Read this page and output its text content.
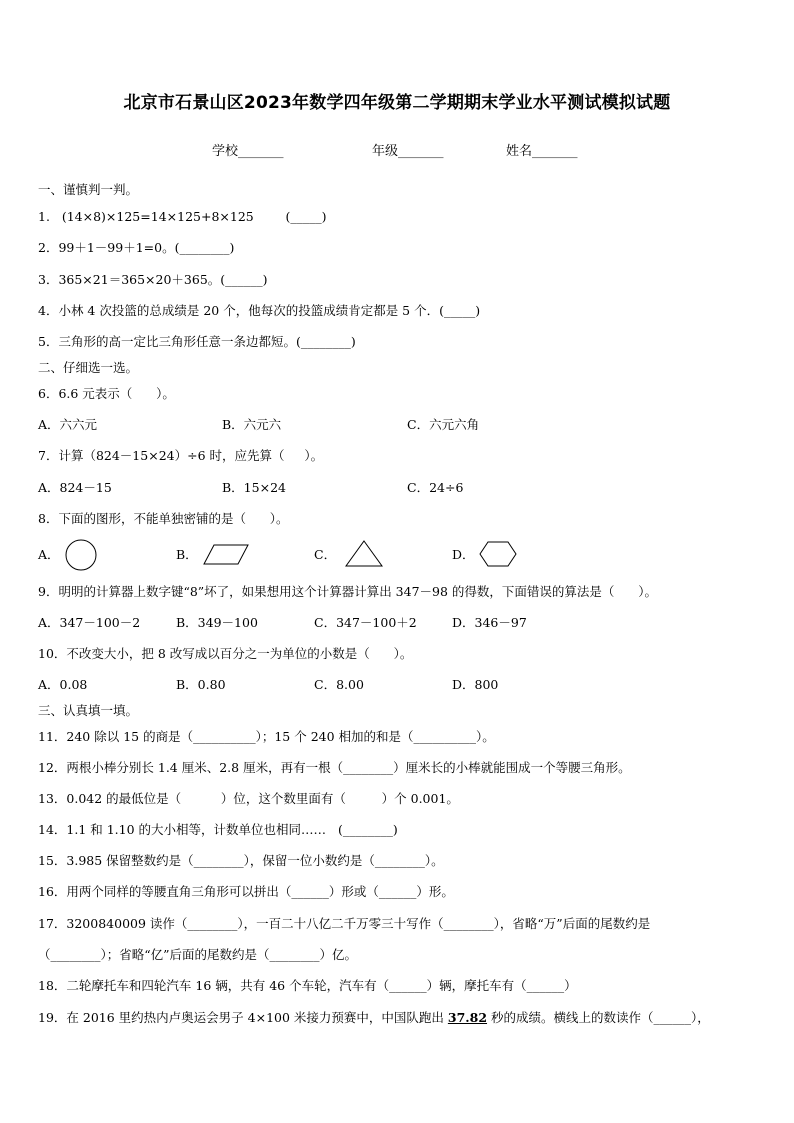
北京市石景山区2023年数学四年级第二学期期末学业水平测试模拟试题
学校_______	年级_______	姓名_______
一、谨慎判一判。
1.   (14×8)×125=14×125+8×125        (_____)
2．99＋1－99＋1=0。(________)
3．365×21＝365×20＋365。(______)
4．小林 4 次投篮的总成绩是 20 个，他每次的投篮成绩肯定都是 5 个．(_____)
5．三角形的高一定比三角形任意一条边都短。(________)
二、仔细选一选。
6．6.6 元表示（      ）。
A．六六元	B．六元六	C．六元六角
7．计算（824－15×24）÷6 时，应先算（     ）。
A．824－15	B．15×24	C．24÷6
8．下面的图形，不能单独密铺的是（      ）。
A．	B．	C．	D．
9．明明的计算器上数字键“8”坏了，如果想用这个计算器计算出 347－98 的得数，下面错误的算法是（      ）。
A．347－100－2	B．349－100	C．347－100＋2	D．346－97
10．不改变大小，把 8 改写成以百分之一为单位的小数是（      ）。
A．0.08	B．0.80	C．8.00	D．800
三、认真填一填。
11．240 除以 15 的商是（__________）；15 个 240 相加的和是（__________）。
12．两根小棒分别长 1.4 厘米、2.8 厘米，再有一根（________）厘米长的小棒就能围成一个等腰三角形。
13．0.042 的最低位是（          ）位，这个数里面有（         ）个 0.001。
14．1.1 和 1.10 的大小相等，计数单位也相同……   (________)
15．3.985 保留整数约是（________），保留一位小数约是（________）。
16．用两个同样的等腰直角三角形可以拼出（______）形或（______）形。
17．3200840009 读作（________），一百二十八亿二千万零三十写作（________），省略“万”后面的尾数约是
（________）；省略“亿”后面的尾数约是（________）亿。
18．二轮摩托车和四轮汽车 16 辆，共有 46 个车轮，汽车有（______）辆，摩托车有（______）
19．在 2016 里约热内卢奥运会男子 4×100 米接力预赛中，中国队跑出 37.82 秒的成绩。横线上的数读作（______），
